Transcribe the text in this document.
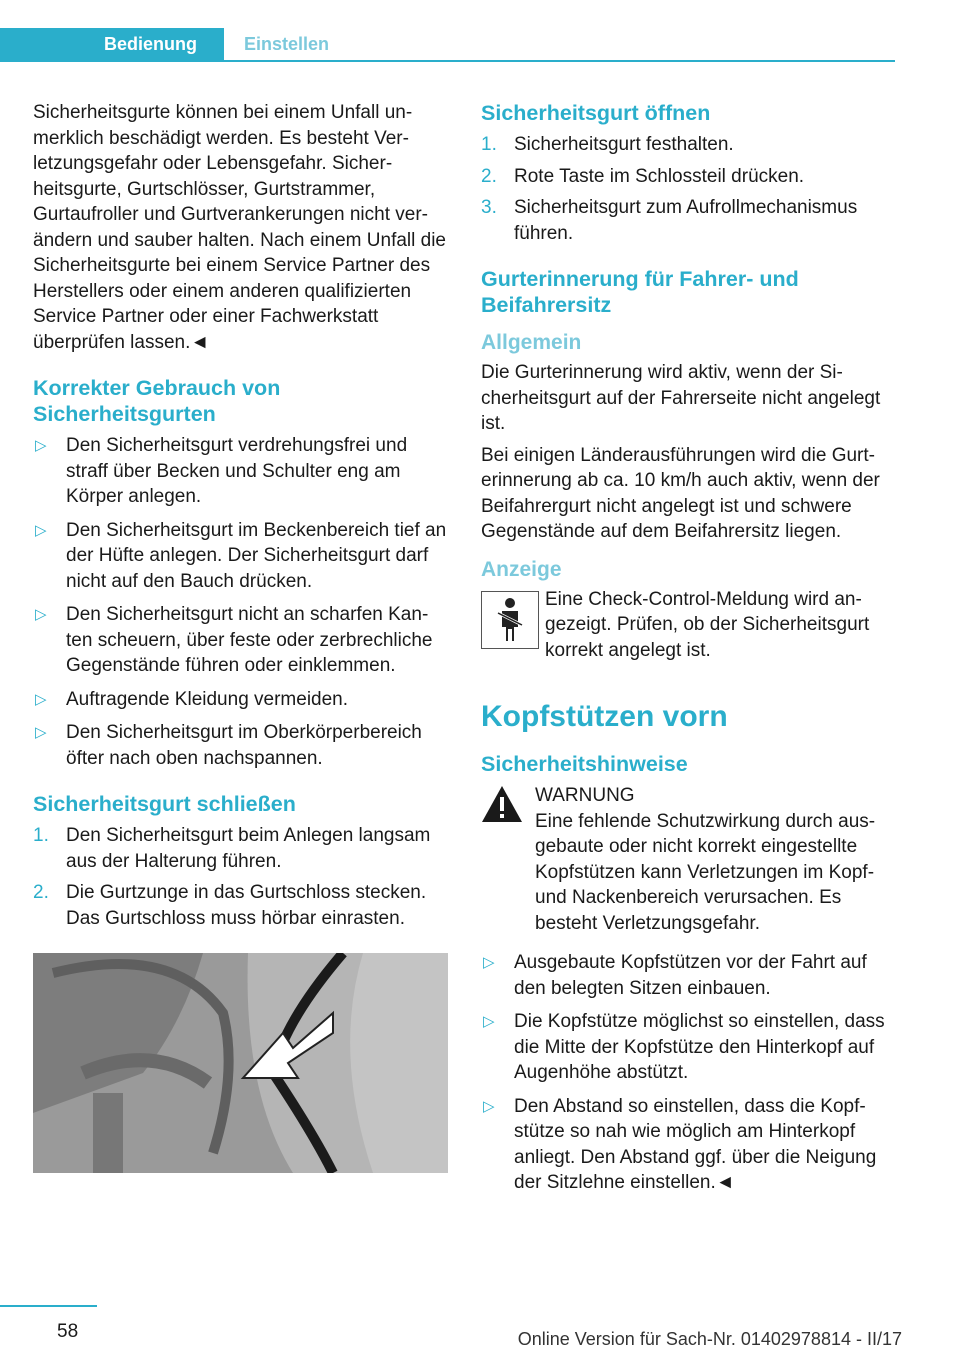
Bedienung	Einstellen

Sicherheitsgurte können bei einem Unfall unmerklich beschädigt werden. Es besteht Verletzungsgefahr oder Lebensgefahr. Sicherheitsgurte, Gurtschlösser, Gurtstrammer, Gurtaufroller und Gurtverankerungen nicht verändern und sauber halten. Nach einem Unfall die Sicherheitsgurte bei einem Service Partner des Herstellers oder einem anderen qualifizierten Service Partner oder einer Fachwerkstatt überprüfen lassen.◄

Korrekter Gebrauch von Sicherheitsgurten
▷ Den Sicherheitsgurt verdrehungsfrei und straff über Becken und Schulter eng am Körper anlegen.
▷ Den Sicherheitsgurt im Beckenbereich tief an der Hüfte anlegen. Der Sicherheitsgurt darf nicht auf den Bauch drücken.
▷ Den Sicherheitsgurt nicht an scharfen Kanten scheuern, über feste oder zerbrechliche Gegenstände führen oder einklemmen.
▷ Auftragende Kleidung vermeiden.
▷ Den Sicherheitsgurt im Oberkörperbereich öfter nach oben nachspannen.
Sicherheitsgurt schließen
1. Den Sicherheitsgurt beim Anlegen langsam aus der Halterung führen.
2. Die Gurtzunge in das Gurtschloss stecken. Das Gurtschloss muss hörbar einrasten.
Sicherheitsgurt öffnen
1. Sicherheitsgurt festhalten.
2. Rote Taste im Schlossteil drücken.
3. Sicherheitsgurt zum Aufrollmechanismus führen.
Gurterinnerung für Fahrer- und Beifahrersitz
Allgemein

Die Gurterinnerung wird aktiv, wenn der Sicherheitsgurt auf der Fahrerseite nicht angelegt ist.

Bei einigen Länderausführungen wird die Gurterinnerung ab ca. 10 km/h auch aktiv, wenn der Beifahrergurt nicht angelegt ist und schwere Gegenstände auf dem Beifahrersitz liegen.

Anzeige

Eine Check-Control-Meldung wird angezeigt. Prüfen, ob der Sicherheitsgurt korrekt angelegt ist.

Kopfstützen vorn
Sicherheitshinweise
WARNUNG

Eine fehlende Schutzwirkung durch ausgebaute oder nicht korrekt eingestellte Kopfstützen kann Verletzungen im Kopf- und Nackenbereich verursachen. Es besteht Verletzungsgefahr.

▷ Ausgebaute Kopfstützen vor der Fahrt auf den belegten Sitzen einbauen.
▷ Die Kopfstütze möglichst so einstellen, dass die Mitte der Kopfstütze den Hinterkopf auf Augenhöhe abstützt.
▷ Den Abstand so einstellen, dass die Kopfstütze so nah wie möglich am Hinterkopf anliegt. Den Abstand ggf. über die Neigung der Sitzlehne einstellen.◄
58	Online Version für Sach-Nr. 01402978814 - II/17
